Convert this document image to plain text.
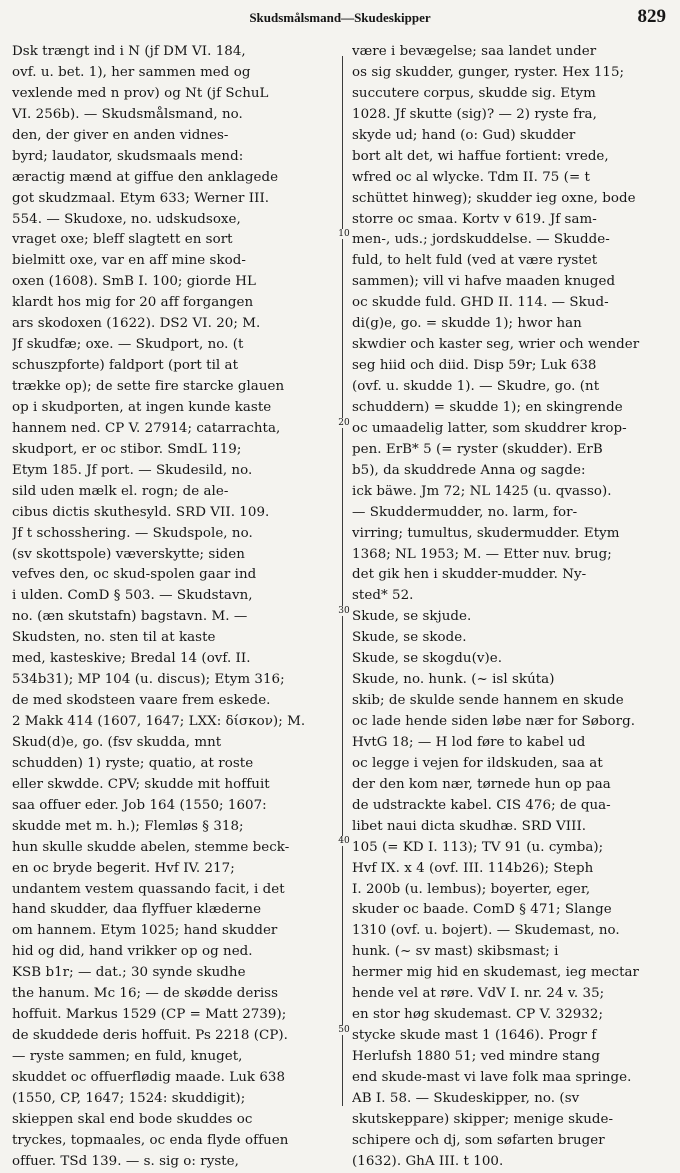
Skudsmålsmand—Skudeskipper	829
Dsk trængt ind i N (jf DM VI. 184,
ovf. u. bet. 1), her sammen med og
vexlende med n prov) og Nt (jf SchuL
VI. 256b). — Skudsmålsmand, no.
den, der giver en anden vidnes-
byrd; laudator, skudsmaals mend:
æractig mænd at giffue den anklagede
got skudzmaal. Etym 633; Werner III.
554. — Skudoxe, no. udskudsoxe,
vraget oxe; bleff slagtett en sort
bielmitt oxe, var en aff mine skod-
oxen (1608). SmB I. 100; giorde HL
klardt hos mig for 20 aff forgangen
ars skodoxen (1622). DS2 VI. 20; M.
Jf skudfæ; oxe. — Skudport, no. (t
schuszpforte) faldport (port til at
trække op); de sette fire starcke glauen
op i skudporten, at ingen kunde kaste
hannem ned. CP V. 27914; catarrachta,
skudport, er oc stibor. SmdL 119;
Etym 185. Jf port. — Skudesild, no.
sild uden mælk el. rogn; de ale-
cibus dictis skuthesyld. SRD VII. 109.
Jf t schosshering. — Skudspole, no.
(sv skottspole) væverskytte; siden
vefves den, oc skud-spolen gaar ind
i ulden. ComD § 503. — Skudstavn,
no. (æn skutstafn) bagstavn. M. —
Skudsten, no. sten til at kaste
med, kasteskive; Bredal 14 (ovf. II.
534b31); MP 104 (u. discus); Etym 316;
de med skodsteen vaare frem eskede.
2 Makk 414 (1607, 1647; LXX: δίσκον); M.
Skud(d)e, go. (fsv skudda, mnt
schudden) 1) ryste; quatio, at roste
eller skwdde. CPV; skudde mit hoffuit
saa offuer eder. Job 164 (1550; 1607:
skudde met m. h.); Flemløs § 318;
hun skulle skudde abelen, stemme beck-
en oc bryde begerit. Hvf IV. 217;
undantem vestem quassando facit, i det
hand skudder, daa flyffuer klæderne
om hannem. Etym 1025; hand skudder
hid og did, hand vrikker op og ned.
KSB b1r; — dat.; 30 synde skudhe
the hanum. Mc 16; — de skødde deriss
hoffuit. Markus 1529 (CP = Matt 2739);
de skuddede deris hoffuit. Ps 2218 (CP).
— ryste sammen; en fuld, knuget,
skuddet oc offuerflødig maade. Luk 638
(1550, CP, 1647; 1524: skuddigit);
skieppen skal end bode skuddes oc
tryckes, topmaales, oc enda flyde offuen
offuer. TSd 139. — s. sig o: ryste,
være i bevægelse; saa landet under
os sig skudder, gunger, ryster. Hex 115;
succutere corpus, skudde sig. Etym
1028. Jf skutte (sig)? — 2) ryste fra,
skyde ud; hand (o: Gud) skudder
bort alt det, wi haffue fortient: vrede,
wfred oc al wlycke. Tdm II. 75 (= t
schüttet hinweg); skudder ieg oxne, bode
storre oc smaa. Kortv v 619. Jf sam-
men-, uds.; jordskuddelse. — Skudde-
fuld, to helt fuld (ved at være rystet
sammen); vill vi hafve maaden knuged
oc skudde fuld. GHD II. 114. — Skud-
di(g)e, go. = skudde 1); hwor han
skwdier och kaster seg, wrier och wender
seg hiid och diid. Disp 59r; Luk 638
(ovf. u. skudde 1). — Skudre, go. (nt
schuddern) = skudde 1); en skingrende
oc umaadelig latter, som skuddrer krop-
pen. ErB* 5 (= ryster (skudder). ErB
b5), da skuddrede Anna og sagde:
ick bäwe. Jm 72; NL 1425 (u. qvasso).
— Skuddermudder, no. larm, for-
virring; tumultus, skudermudder. Etym
1368; NL 1953; M. — Etter nuv. brug;
det gik hen i skudder-mudder. Ny-
sted* 52.
Skude, se skjude.
Skude, se skode.
Skude, se skogdu(v)e.
Skude, no. hunk. (~ isl skúta)
skib; de skulde sende hannem en skude
oc lade hende siden løbe nær for Søborg.
HvtG 18; — H lod føre to kabel ud
oc legge i vejen for ildskuden, saa at
der den kom nær, tørnede hun op paa
de udstrackte kabel. CIS 476; de qua-
libet naui dicta skudhæ. SRD VIII.
105 (= KD I. 113); TV 91 (u. cymba);
Hvf IX. x 4 (ovf. III. 114b26); Steph
I. 200b (u. lembus); boyerter, eger,
skuder oc baade. ComD § 471; Slange
1310 (ovf. u. bojert). — Skudemast, no.
hunk. (~ sv mast) skibsmast; i
hermer mig hid en skudemast, ieg mectar
hende vel at røre. VdV I. nr. 24 v. 35;
en stor høg skudemast. CP V. 32932;
stycke skude mast 1 (1646). Progr f
Herlufsh 1880 51; ved mindre stang
end skude-mast vi lave folk maa springe.
AB I. 58. — Skudeskipper, no. (sv
skutskeppare) skipper; menige skude-
schipere och dj, som søfarten bruger
(1632). GhA III. t 100.
10
20
30
40
50
